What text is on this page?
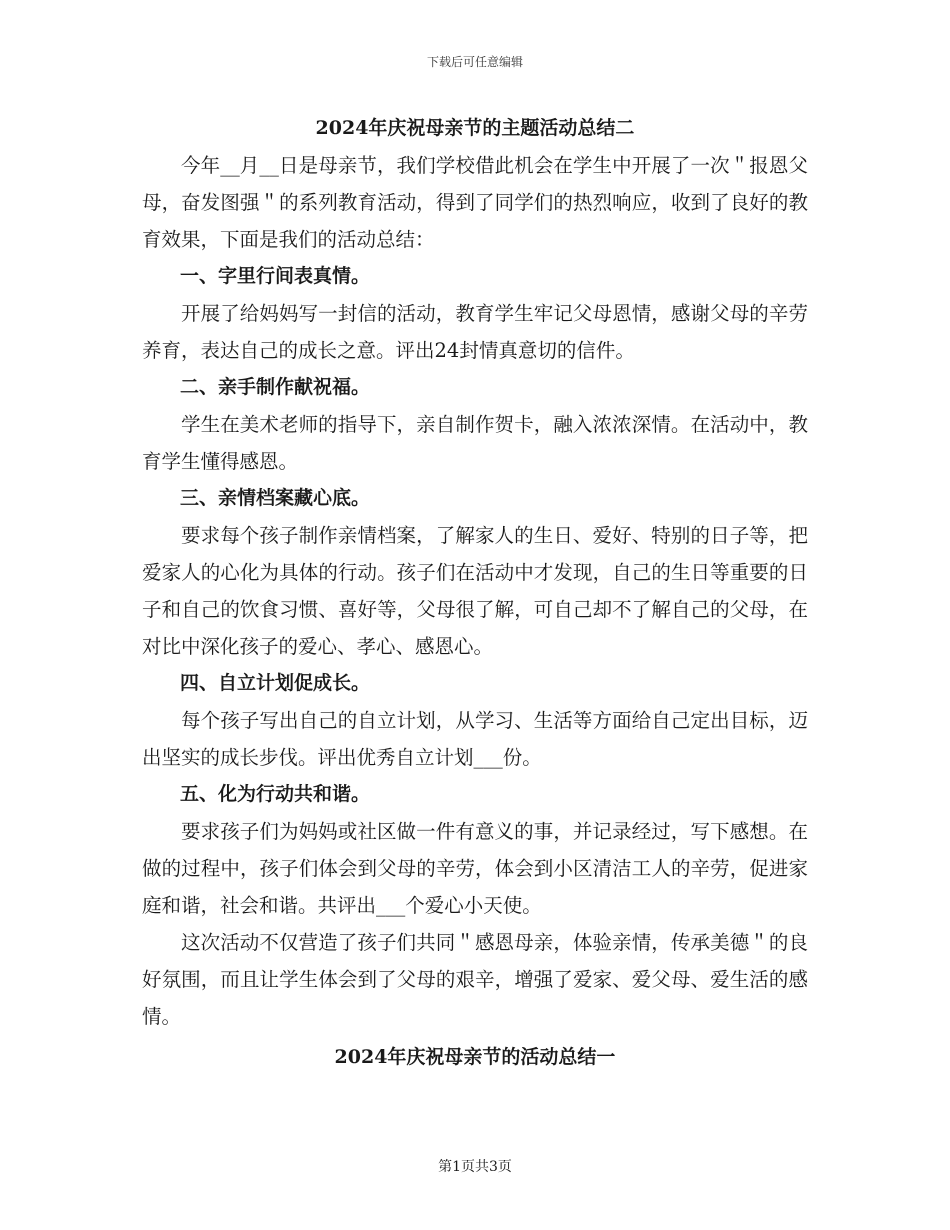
下载后可任意编辑
2024年庆祝母亲节的主题活动总结二

今年__月__日是母亲节，我们学校借此机会在学生中开展了一次＂报恩父母，奋发图强＂的系列教育活动，得到了同学们的热烈响应，收到了良好的教育效果，下面是我们的活动总结：

一、字里行间表真情。

开展了给妈妈写一封信的活动，教育学生牢记父母恩情，感谢父母的辛劳养育，表达自己的成长之意。评出24封情真意切的信件。

二、亲手制作献祝福。

学生在美术老师的指导下，亲自制作贺卡，融入浓浓深情。在活动中，教育学生懂得感恩。

三、亲情档案藏心底。

要求每个孩子制作亲情档案，了解家人的生日、爱好、特别的日子等，把爱家人的心化为具体的行动。孩子们在活动中才发现，自己的生日等重要的日子和自己的饮食习惯、喜好等，父母很了解，可自己却不了解自己的父母，在对比中深化孩子的爱心、孝心、感恩心。

四、自立计划促成长。

每个孩子写出自己的自立计划，从学习、生活等方面给自己定出目标，迈出坚实的成长步伐。评出优秀自立计划___份。

五、化为行动共和谐。

要求孩子们为妈妈或社区做一件有意义的事，并记录经过，写下感想。在做的过程中，孩子们体会到父母的辛劳，体会到小区清洁工人的辛劳，促进家庭和谐，社会和谐。共评出___个爱心小天使。

这次活动不仅营造了孩子们共同＂感恩母亲，体验亲情，传承美德＂的良好氛围，而且让学生体会到了父母的艰辛，增强了爱家、爱父母、爱生活的感情。

2024年庆祝母亲节的活动总结一
第1页共3页
